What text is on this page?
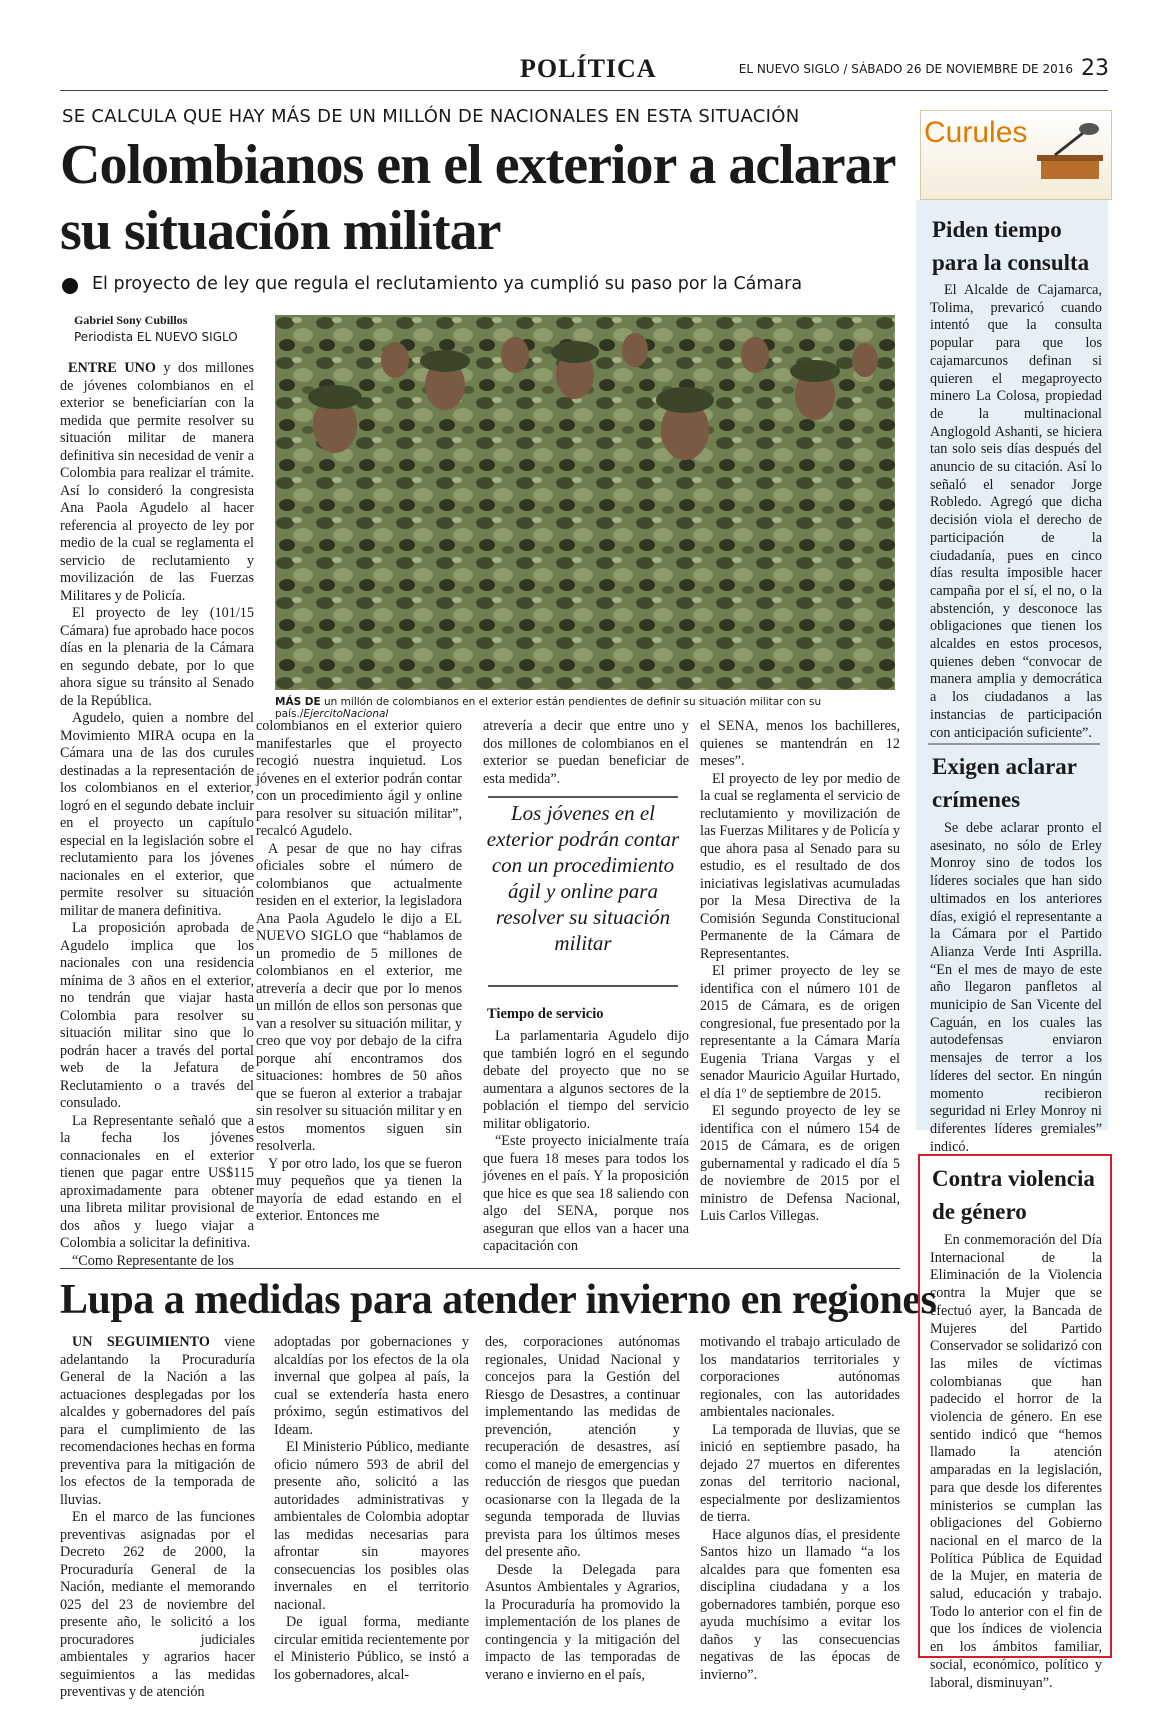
POLÍTICA	EL NUEVO SIGLO / SÁBADO 26 DE NOVIEMBRE DE 2016 23
SE CALCULA QUE HAY MÁS DE UN MILLÓN DE NACIONALES EN ESTA SITUACIÓN
Colombianos en el exterior a aclarar su situación militar
El proyecto de ley que regula el reclutamiento ya cumplió su paso por la Cámara
Gabriel Sony Cubillos
Periodista EL NUEVO SIGLO

ENTRE UNO y dos millones de jóvenes colombianos en el exterior se beneficiarían con la medida que permite resolver su situación militar de manera definitiva sin necesidad de venir a Colombia para realizar el trámite. Así lo consideró la congresista Ana Paola Agudelo al hacer referencia al proyecto de ley por medio de la cual se reglamenta el servicio de reclutamiento y movilización de las Fuerzas Militares y de Policía.

El proyecto de ley (101/15 Cámara) fue aprobado hace pocos días en la plenaria de la Cámara en segundo debate, por lo que ahora sigue su tránsito al Senado de la República.

Agudelo, quien a nombre del Movimiento MIRA ocupa en la Cámara una de las dos curules destinadas a la representación de los colombianos en el exterior, logró en el segundo debate incluir en el proyecto un capítulo especial en la legislación sobre el reclutamiento para los jóvenes nacionales en el exterior, que permite resolver su situación militar de manera definitiva.

La proposición aprobada de Agudelo implica que los nacionales con una residencia mínima de 3 años en el exterior, no tendrán que viajar hasta Colombia para resolver su situación militar sino que lo podrán hacer a través del portal web de la Jefatura de Reclutamiento o a través del consulado.

La Representante señaló que a la fecha los jóvenes connacionales en el exterior tienen que pagar entre US$115 aproximadamente para obtener una libreta militar provisional de dos años y luego viajar a Colombia a solicitar la definitiva.

“Como Representante de los

MÁS DE un millón de colombianos en el exterior están pendientes de definir su situación militar con su país./EjercitoNacional

colombianos en el exterior quiero manifestarles que el proyecto recogió nuestra inquietud. Los jóvenes en el exterior podrán contar con un procedimiento ágil y online para resolver su situación militar”, recalcó Agudelo.

A pesar de que no hay cifras oficiales sobre el número de colombianos que actualmente residen en el exterior, la legisladora Ana Paola Agudelo le dijo a EL NUEVO SIGLO que “hablamos de un promedio de 5 millones de colombianos en el exterior, me atrevería a decir que por lo menos un millón de ellos son personas que van a resolver su situación militar, y creo que voy por debajo de la cifra porque ahí encontramos dos situaciones: hombres de 50 años que se fueron al exterior a trabajar sin resolver su situación militar y en estos momentos siguen sin resolverla.

Y por otro lado, los que se fueron muy pequeños que ya tienen la mayoría de edad estando en el exterior. Entonces me

atrevería a decir que entre uno y dos millones de colombianos en el exterior se puedan beneficiar de esta medida”.

Los jóvenes en el exterior podrán contar con un procedimiento ágil y online para resolver su situación militar
Tiempo de servicio

La parlamentaria Agudelo dijo que también logró en el segundo debate del proyecto que no se aumentara a algunos sectores de la población el tiempo del servicio militar obligatorio.

“Este proyecto inicialmente traía que fuera 18 meses para todos los jóvenes en el país. Y la proposición que hice es que sea 18 saliendo con algo del SENA, porque nos aseguran que ellos van a hacer una capacitación con

el SENA, menos los bachilleres, quienes se mantendrán en 12 meses”.

El proyecto de ley por medio de la cual se reglamenta el servicio de reclutamiento y movilización de las Fuerzas Militares y de Policía y que ahora pasa al Senado para su estudio, es el resultado de dos iniciativas legislativas acumuladas por la Mesa Directiva de la Comisión Segunda Constitucional Permanente de la Cámara de Representantes.

El primer proyecto de ley se identifica con el número 101 de 2015 de Cámara, es de origen congresional, fue presentado por la representante a la Cámara María Eugenia Triana Vargas y el senador Mauricio Aguilar Hurtado, el día 1º de septiembre de 2015.

El segundo proyecto de ley se identifica con el número 154 de 2015 de Cámara, es de origen gubernamental y radicado el día 5 de noviembre de 2015 por el ministro de Defensa Nacional, Luis Carlos Villegas.

Lupa a medidas para atender invierno en regiones

UN SEGUIMIENTO viene adelantando la Procuraduría General de la Nación a las actuaciones desplegadas por los alcaldes y gobernadores del país para el cumplimiento de las recomendaciones hechas en forma preventiva para la mitigación de los efectos de la temporada de lluvias.

En el marco de las funciones preventivas asignadas por el Decreto 262 de 2000, la Procuraduría General de la Nación, mediante el memorando 025 del 23 de noviembre del presente año, le solicitó a los procuradores judiciales ambientales y agrarios hacer seguimientos a las medidas preventivas y de atención

adoptadas por gobernaciones y alcaldías por los efectos de la ola invernal que golpea al país, la cual se extendería hasta enero próximo, según estimativos del Ideam.

El Ministerio Público, mediante oficio número 593 de abril del presente año, solicitó a las autoridades administrativas y ambientales de Colombia adoptar las medidas necesarias para afrontar sin mayores consecuencias los posibles olas invernales en el territorio nacional.

De igual forma, mediante circular emitida recientemente por el Ministerio Público, se instó a los gobernadores, alcal-

des, corporaciones autónomas regionales, Unidad Nacional y concejos para la Gestión del Riesgo de Desastres, a continuar implementando las medidas de prevención, atención y recuperación de desastres, así como el manejo de emergencias y reducción de riesgos que puedan ocasionarse con la llegada de la segunda temporada de lluvias prevista para los últimos meses del presente año.

Desde la Delegada para Asuntos Ambientales y Agrarios, la Procuraduría ha promovido la implementación de los planes de contingencia y la mitigación del impacto de las temporadas de verano e invierno en el país,

motivando el trabajo articulado de los mandatarios territoriales y corporaciones autónomas regionales, con las autoridades ambientales nacionales.

La temporada de lluvias, que se inició en septiembre pasado, ha dejado 27 muertos en diferentes zonas del territorio nacional, especialmente por deslizamientos de tierra.

Hace algunos días, el presidente Santos hizo un llamado “a los alcaldes para que fomenten esa disciplina ciudadana y a los gobernadores también, porque eso ayuda muchísimo a evitar los daños y las consecuencias negativas de las épocas de invierno”.

Curules
Piden tiempo para la consulta

El Alcalde de Cajamarca, Tolima, prevaricó cuando intentó que la consulta popular para que los cajamarcunos definan si quieren el megaproyecto minero La Colosa, propiedad de la multinacional Anglogold Ashanti, se hiciera tan solo seis días después del anuncio de su citación. Así lo señaló el senador Jorge Robledo. Agregó que dicha decisión viola el derecho de participación de la ciudadanía, pues en cinco días resulta imposible hacer campaña por el sí, el no, o la abstención, y desconoce las obligaciones que tienen los alcaldes en estos procesos, quienes deben “convocar de manera amplia y democrática a los ciudadanos a las instancias de participación con anticipación suficiente”.

Exigen aclarar crímenes

Se debe aclarar pronto el asesinato, no sólo de Erley Monroy sino de todos los líderes sociales que han sido ultimados en los anteriores días, exigió el representante a la Cámara por el Partido Alianza Verde Inti Asprilla. “En el mes de mayo de este año llegaron panfletos al municipio de San Vicente del Caguán, en los cuales las autodefensas enviaron mensajes de terror a los líderes del sector. En ningún momento recibieron seguridad ni Erley Monroy ni diferentes líderes gremiales” indicó.

Contra violencia de género

En conmemoración del Día Internacional de la Eliminación de la Violencia contra la Mujer que se efectuó ayer, la Bancada de Mujeres del Partido Conservador se solidarizó con las miles de víctimas colombianas que han padecido el horror de la violencia de género. En ese sentido indicó que “hemos llamado la atención amparadas en la legislación, para que desde los diferentes ministerios se cumplan las obligaciones del Gobierno nacional en el marco de la Política Pública de Equidad de la Mujer, en materia de salud, educación y trabajo. Todo lo anterior con el fin de que los índices de violencia en los ámbitos familiar, social, económico, político y laboral, disminuyan”.
